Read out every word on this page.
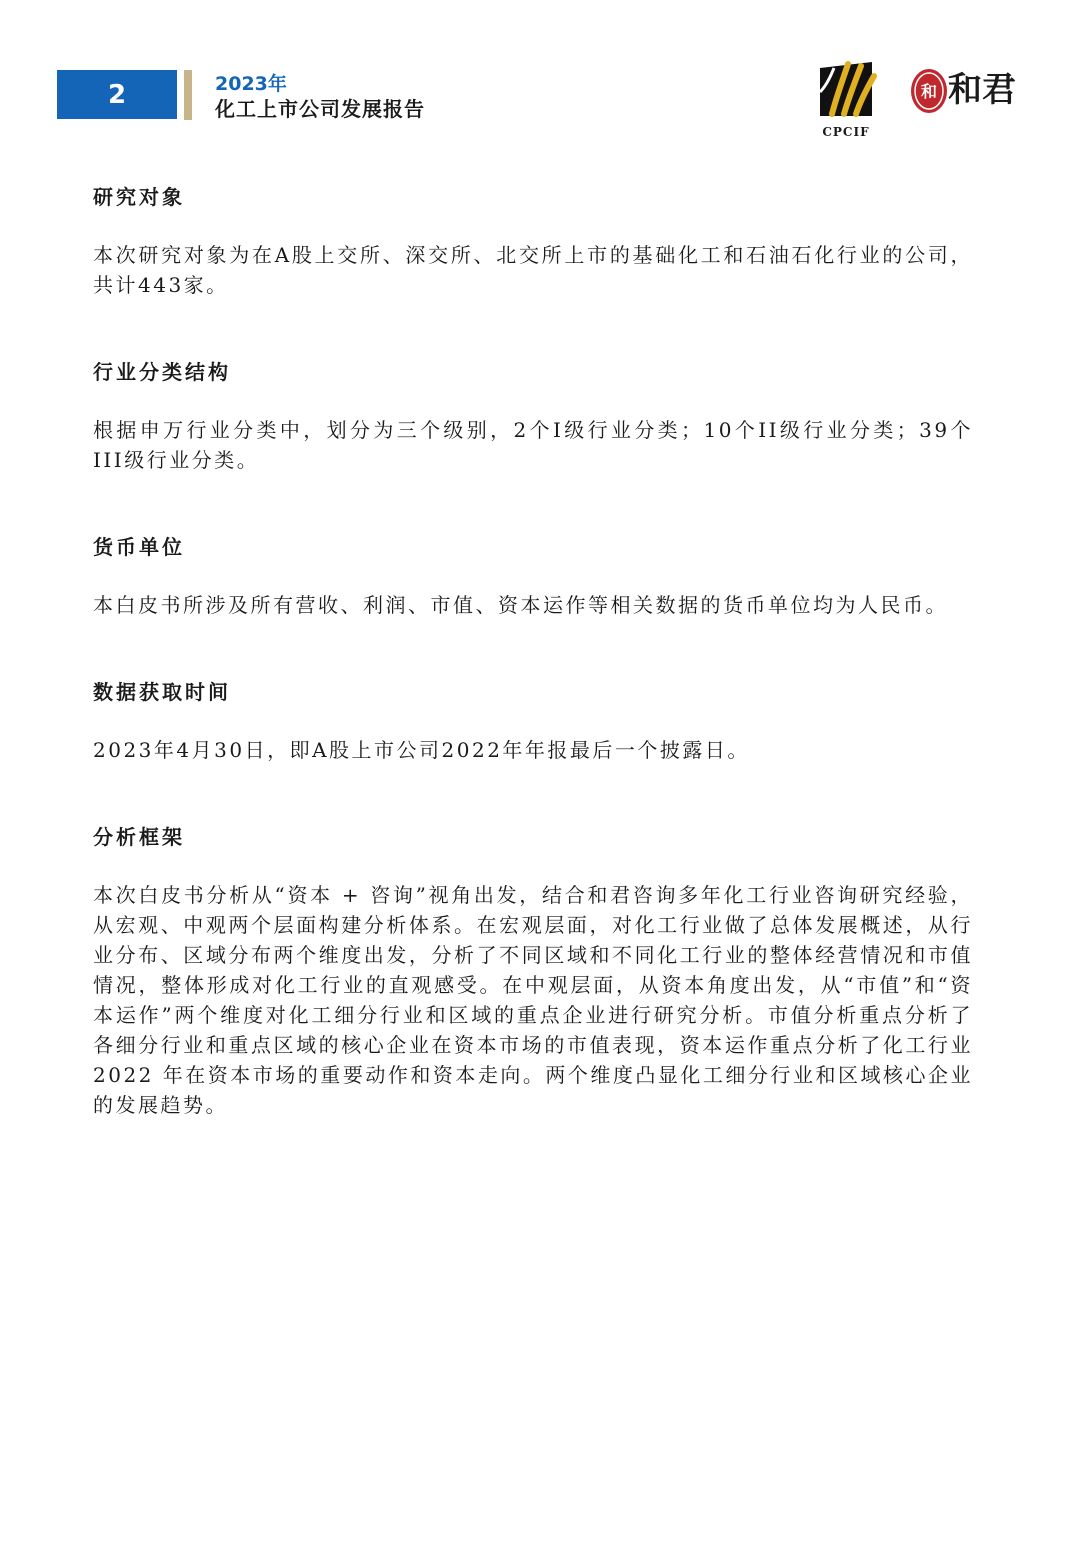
2	2023年
化工上市公司发展报告
CPCIF
和 和君
研究对象

本次研究对象为在A股上交所、深交所、北交所上市的基础化工和石油石化行业的公司，共计443家。

行业分类结构

根据申万行业分类中，划分为三个级别，2个I级行业分类；10个II级行业分类；39个III级行业分类。

货币单位

本白皮书所涉及所有营收、利润、市值、资本运作等相关数据的货币单位均为人民币。

数据获取时间

2023年4月30日，即A股上市公司2022年年报最后一个披露日。

分析框架

本次白皮书分析从“资本 + 咨询”视角出发，结合和君咨询多年化工行业咨询研究经验，从宏观、中观两个层面构建分析体系。在宏观层面，对化工行业做了总体发展概述，从行业分布、区域分布两个维度出发，分析了不同区域和不同化工行业的整体经营情况和市值情况，整体形成对化工行业的直观感受。在中观层面，从资本角度出发，从“市值”和“资本运作”两个维度对化工细分行业和区域的重点企业进行研究分析。市值分析重点分析了各细分行业和重点区域的核心企业在资本市场的市值表现，资本运作重点分析了化工行业 2022 年在资本市场的重要动作和资本走向。两个维度凸显化工细分行业和区域核心企业的发展趋势。
